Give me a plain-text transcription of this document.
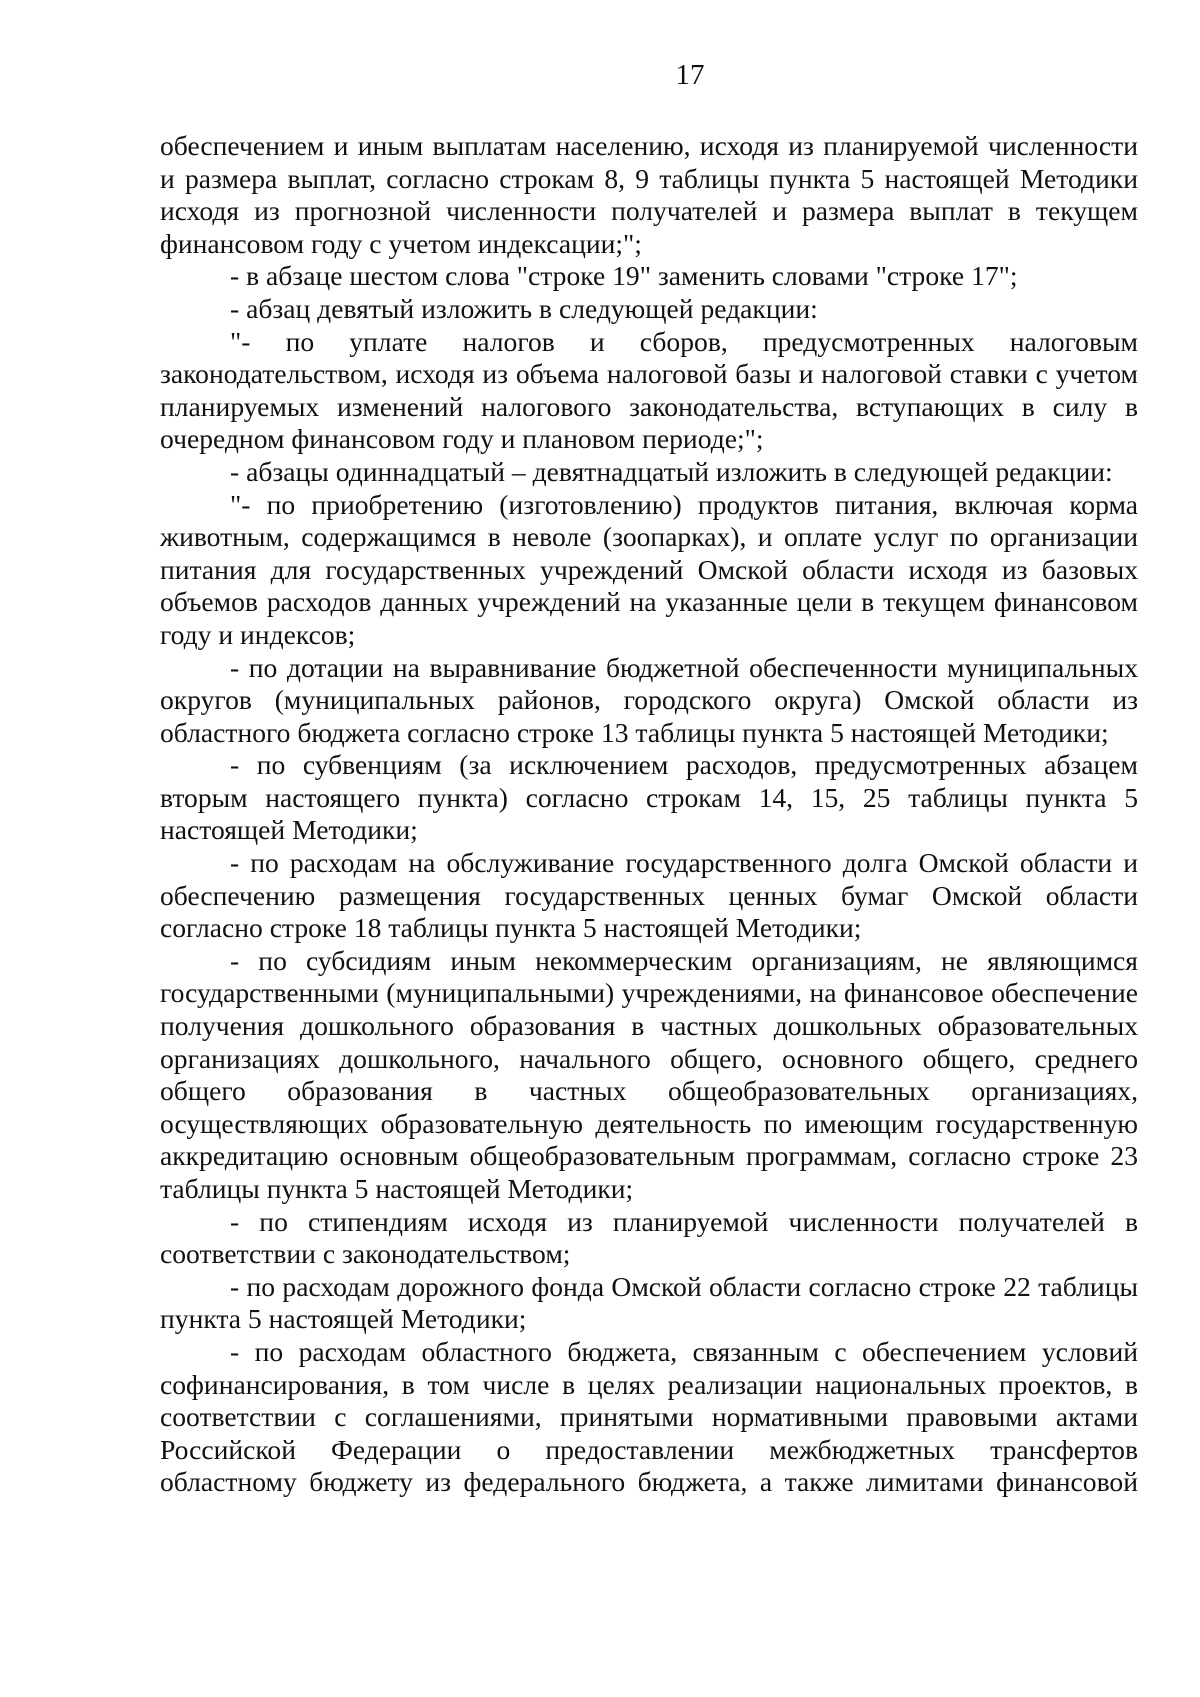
17

обеспечением и иным выплатам населению, исходя из планируемой численности и размера выплат, согласно строкам 8, 9 таблицы пункта 5 настоящей Методики исходя из прогнозной численности получателей и размера выплат в текущем финансовом году с учетом индексации;";

- в абзаце шестом слова "строке 19" заменить словами "строке 17";

- абзац девятый изложить в следующей редакции:

"- по уплате налогов и сборов, предусмотренных налоговым законодательством, исходя из объема налоговой базы и налоговой ставки с учетом планируемых изменений налогового законодательства, вступающих в силу в очередном финансовом году и плановом периоде;";

- абзацы одиннадцатый – девятнадцатый изложить в следующей редакции:

"- по приобретению (изготовлению) продуктов питания, включая корма животным, содержащимся в неволе (зоопарках), и оплате услуг по организации питания для государственных учреждений Омской области исходя из базовых объемов расходов данных учреждений на указанные цели в текущем финансовом году и индексов;

- по дотации на выравнивание бюджетной обеспеченности муниципальных округов (муниципальных районов, городского округа) Омской области из областного бюджета согласно строке 13 таблицы пункта 5 настоящей Методики;

- по субвенциям (за исключением расходов, предусмотренных абзацем вторым настоящего пункта) согласно строкам 14, 15, 25 таблицы пункта 5 настоящей Методики;

- по расходам на обслуживание государственного долга Омской области и обеспечению размещения государственных ценных бумаг Омской области согласно строке 18 таблицы пункта 5 настоящей Методики;

- по субсидиям иным некоммерческим организациям, не являющимся государственными (муниципальными) учреждениями, на финансовое обеспечение получения дошкольного образования в частных дошкольных образовательных организациях дошкольного, начального общего, основного общего, среднего общего образования в частных общеобразовательных организациях, осуществляющих образовательную деятельность по имеющим государственную аккредитацию основным общеобразовательным программам, согласно строке 23 таблицы пункта 5 настоящей Методики;

- по стипендиям исходя из планируемой численности получателей в соответствии с законодательством;

- по расходам дорожного фонда Омской области согласно строке 22 таблицы пункта 5 настоящей Методики;

- по расходам областного бюджета, связанным с обеспечением условий софинансирования, в том числе в целях реализации национальных проектов, в соответствии с соглашениями, принятыми нормативными правовыми актами Российской Федерации о предоставлении межбюджетных трансфертов областному бюджету из федерального бюджета, а также лимитами финансовой
